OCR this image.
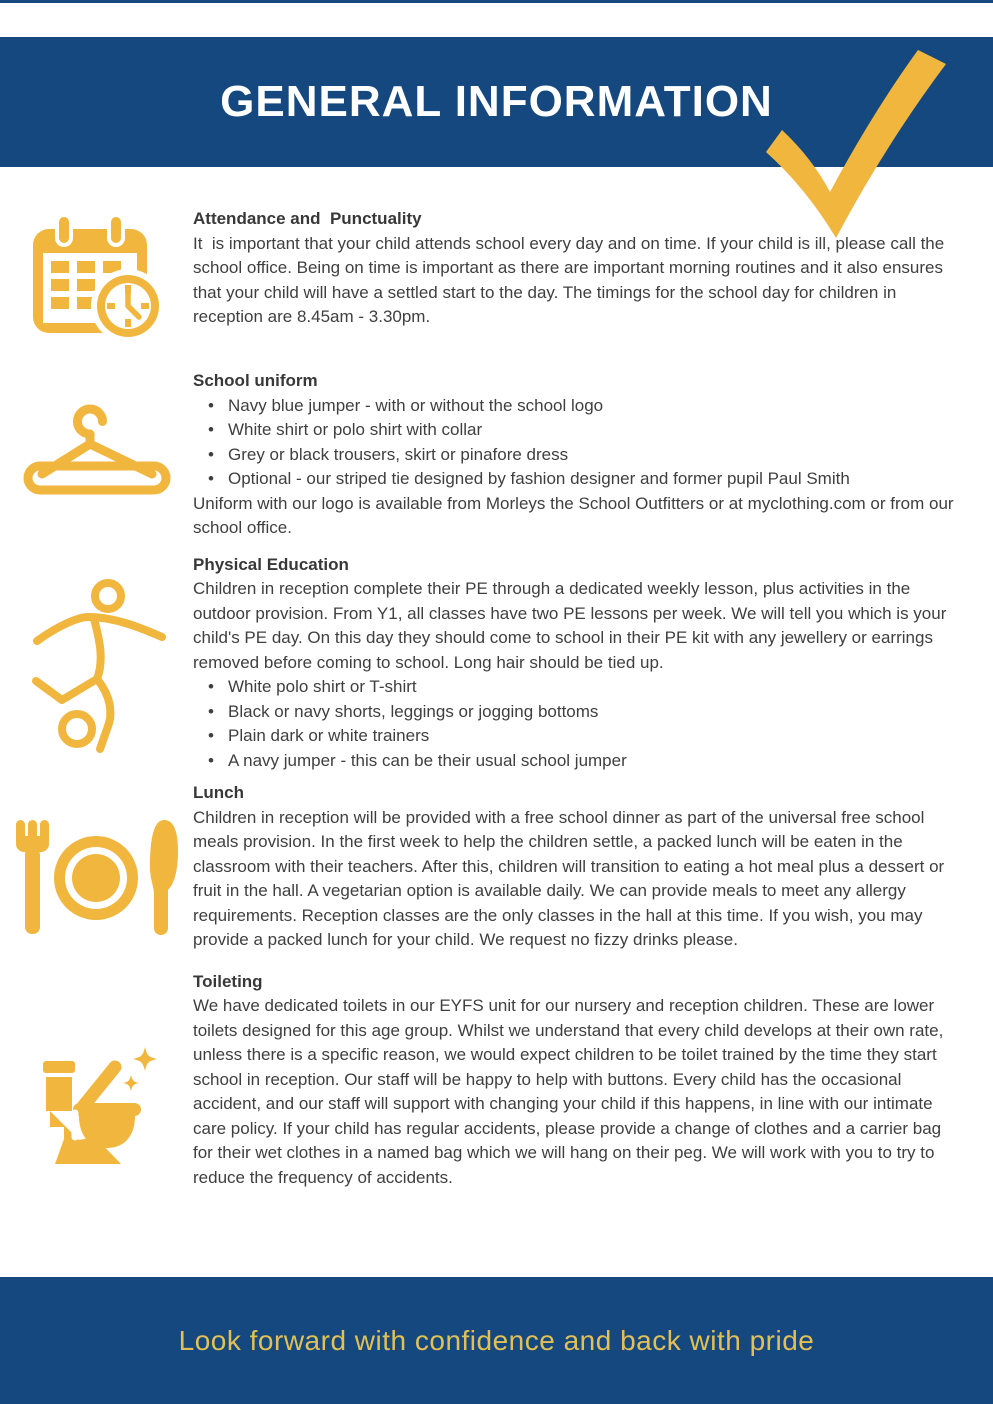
GENERAL INFORMATION
Attendance and  Punctuality

It  is important that your child attends school every day and on time. If your child is ill, please call the school office. Being on time is important as there are important morning routines and it also ensures that your child will have a settled start to the day. The timings for the school day for children in reception are 8.45am - 3.30pm.

School uniform
• Navy blue jumper - with or without the school logo
• White shirt or polo shirt with collar
• Grey or black trousers, skirt or pinafore dress
• Optional - our striped tie designed by fashion designer and former pupil Paul Smith

Uniform with our logo is available from Morleys the School Outfitters or at myclothing.com or from our school office.

Physical Education

Children in reception complete their PE through a dedicated weekly lesson, plus activities in the outdoor provision. From Y1, all classes have two PE lessons per week. We will tell you which is your child's PE day. On this day they should come to school in their PE kit with any jewellery or earrings removed before coming to school. Long hair should be tied up.

• White polo shirt or T-shirt
• Black or navy shorts, leggings or jogging bottoms
• Plain dark or white trainers
• A navy jumper - this can be their usual school jumper
Lunch

Children in reception will be provided with a free school dinner as part of the universal free school meals provision. In the first week to help the children settle, a packed lunch will be eaten in the classroom with their teachers. After this, children will transition to eating a hot meal plus a dessert or fruit in the hall. A vegetarian option is available daily. We can provide meals to meet any allergy requirements. Reception classes are the only classes in the hall at this time. If you wish, you may provide a packed lunch for your child. We request no fizzy drinks please.

Toileting

We have dedicated toilets in our EYFS unit for our nursery and reception children. These are lower toilets designed for this age group. Whilst we understand that every child develops at their own rate, unless there is a specific reason, we would expect children to be toilet trained by the time they start school in reception. Our staff will be happy to help with buttons. Every child has the occasional accident, and our staff will support with changing your child if this happens, in line with our intimate care policy. If your child has regular accidents, please provide a change of clothes and a carrier bag for their wet clothes in a named bag which we will hang on their peg. We will work with you to try to reduce the frequency of accidents.

Look forward with confidence and back with pride
